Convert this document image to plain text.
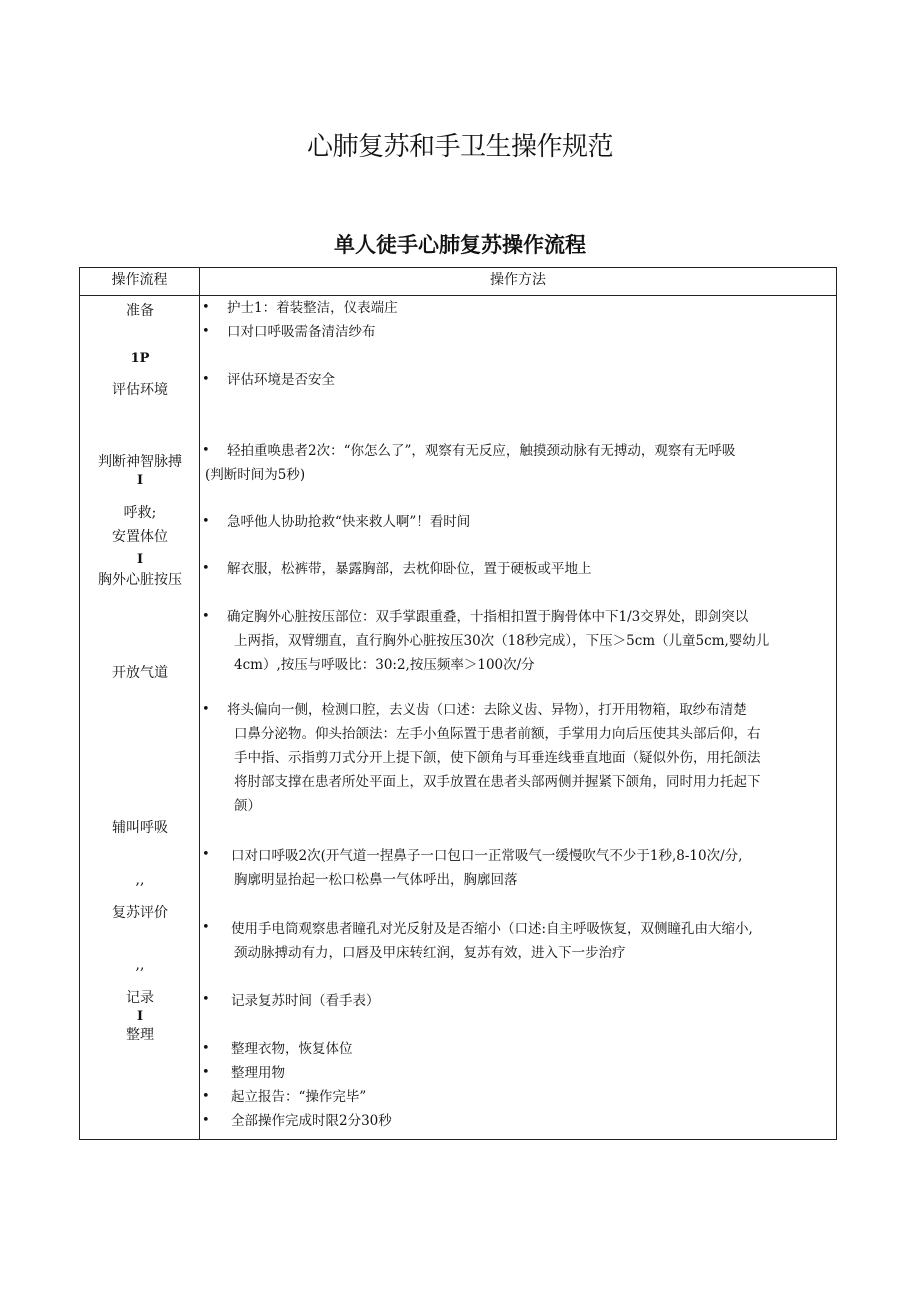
心肺复苏和手卫生操作规范
单人徒手心肺复苏操作流程
操作流程	操作方法
准备
1P
评估环境
判断神智脉搏
I
呼救;
安置体位
I
胸外心脏按压
开放气道
辅叫呼吸
,,
复苏评价
,,
记录
I
整理
•
•
•
•
•
•
•
•
•
•
•
•
•
•
•
护士1：着装整洁，仪表端庄
口对口呼吸需备清洁纱布
评估环境是否安全
轻拍重唤患者2次：“你怎么了”，观察有无反应，触摸颈动脉有无搏动，观察有无呼吸
(判断时间为5秒)
急呼他人协助抢救“快来救人啊”！看时间
解衣服，松裤带，暴露胸部，去枕仰卧位，置于硬板或平地上
确定胸外心脏按压部位：双手掌跟重叠，十指相扣置于胸骨体中下1/3交界处，即剑突以
上两指，双臂绷直，直行胸外心脏按压30次（18秒完成），下压＞5cm（儿童5cm,婴幼儿
4cm）,按压与呼吸比：30:2,按压频率＞100次/分
将头偏向一侧，检测口腔，去义齿（口述：去除义齿、异物），打开用物箱，取纱布清楚
口鼻分泌物。仰头抬颌法：左手小鱼际置于患者前额，手掌用力向后压使其头部后仰，右
手中指、示指剪刀式分开上提下颌，使下颌角与耳垂连线垂直地面（疑似外伤，用托颌法
将肘部支撑在患者所处平面上，双手放置在患者头部两侧并握紧下颌角，同时用力托起下
颌）
口对口呼吸2次(开气道一捏鼻子一口包口一正常吸气一缓慢吹气不少于1秒,8-10次/分,
胸廓明显抬起一松口松鼻一气体呼出，胸廓回落
使用手电筒观察患者瞳孔对光反射及是否缩小（口述:自主呼吸恢复，双侧瞳孔由大缩小,
颈动脉搏动有力，口唇及甲床转红润，复苏有效，进入下一步治疗
记录复苏时间（看手表）
整理衣物，恢复体位
整理用物
起立报告：“操作完毕”
全部操作完成时限2分30秒
